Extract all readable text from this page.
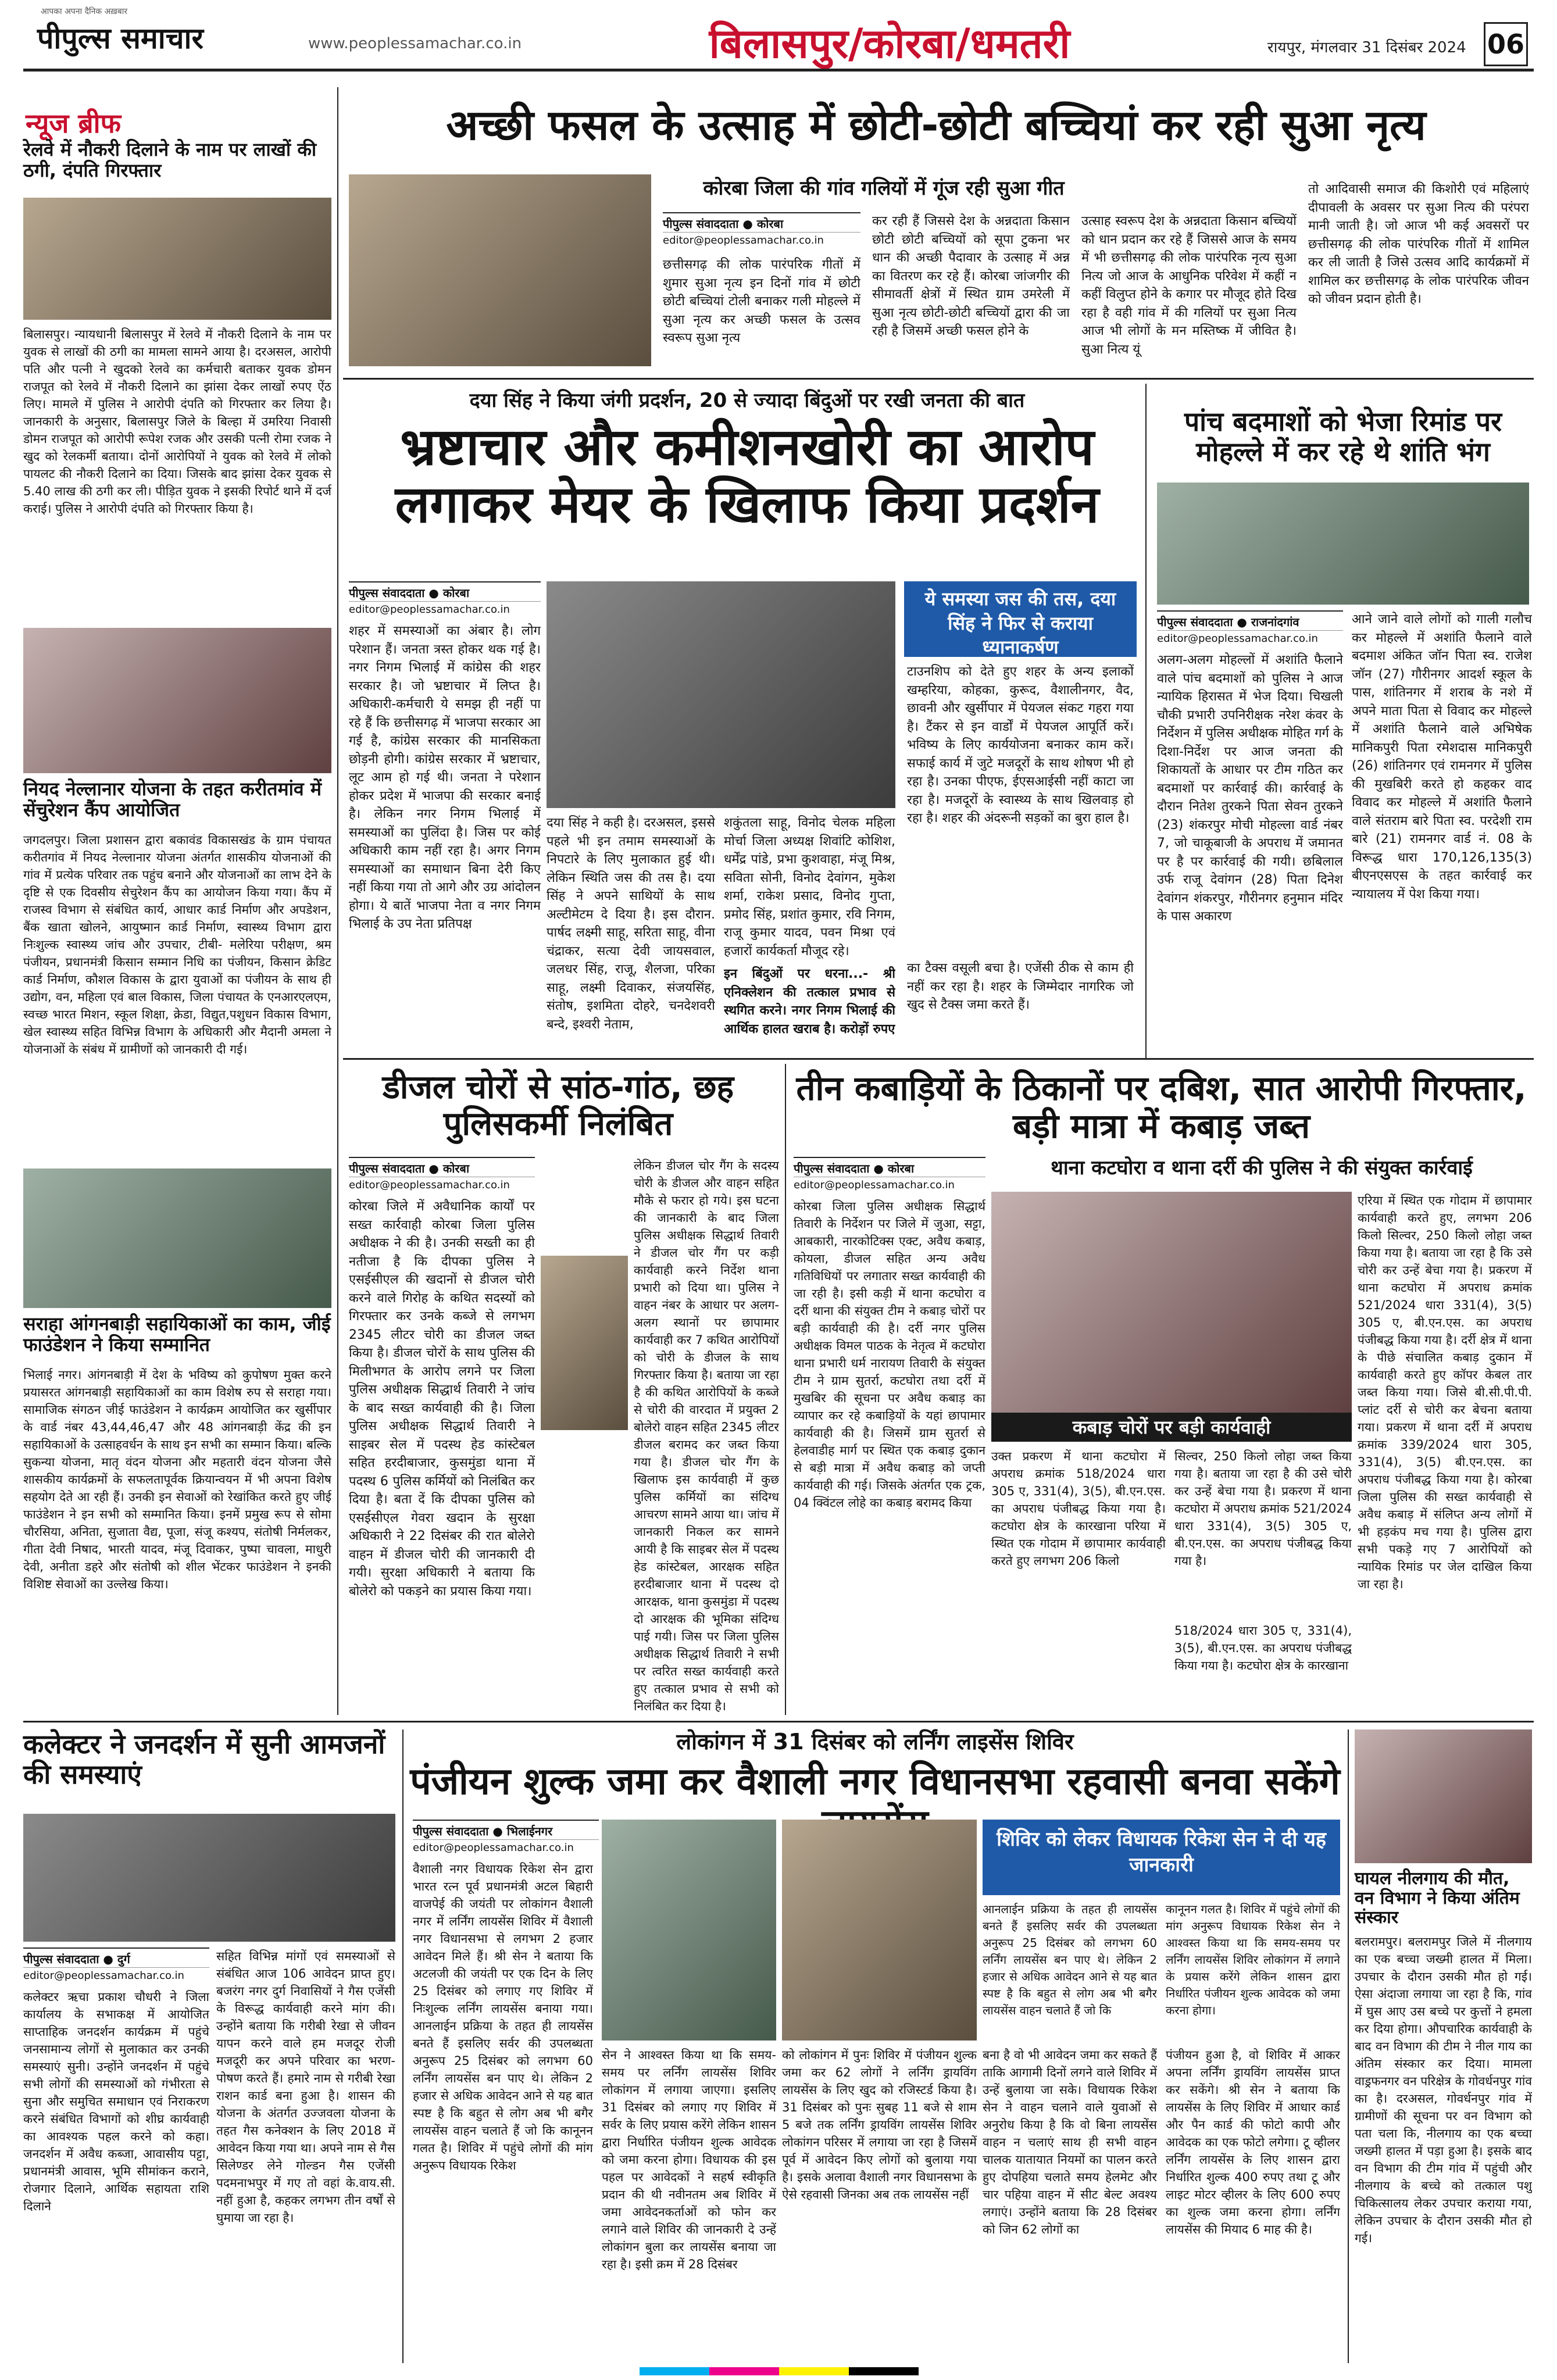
आपका अपना दैनिक अख़बार
पीपुल्स समाचार	www.peoplessamachar.co.in	बिलासपुर/कोरबा/धमतरी	रायपुर, मंगलवार 31 दिसंबर 2024 06
न्यूज ब्रीफ
रेलवे में नौकरी दिलाने के नाम पर लाखों की ठगी, दंपति गिरफ्तार
बिलासपुर। न्यायधानी बिलासपुर में रेलवे में नौकरी दिलाने के नाम पर युवक से लाखों की ठगी का मामला सामने आया है। दरअसल, आरोपी पति और पत्नी ने खुदको रेलवे का कर्मचारी बताकर युवक डोमन राजपूत को रेलवे में नौकरी दिलाने का झांसा देकर लाखों रुपए ऐंठ लिए। मामले में पुलिस ने आरोपी दंपति को गिरफ्तार कर लिया है। जानकारी के अनुसार, बिलासपुर जिले के बिल्हा में उमरिया निवासी डोमन राजपूत को आरोपी रूपेश रजक और उसकी पत्नी रोमा रजक ने खुद को रेलकर्मी बताया। दोनों आरोपियों ने युवक को रेलवे में लोको पायलट की नौकरी दिलाने का दिया। जिसके बाद झांसा देकर युवक से 5.40 लाख की ठगी कर ली। पीड़ित युवक ने इसकी रिपोर्ट थाने में दर्ज कराई। पुलिस ने आरोपी दंपति को गिरफ्तार किया है।
नियद नेल्लानार योजना के तहत करीतमांव में सेंचुरेशन कैंप आयोजित
जगदलपुर। जिला प्रशासन द्वारा बकावंड विकासखंड के ग्राम पंचायत करीतगांव में नियद नेल्लानार योजना अंतर्गत शासकीय योजनाओं की गांव में प्रत्येक परिवार तक पहुंच बनाने और योजनाओं का लाभ देने के दृष्टि से एक दिवसीय सेचुरेशन कैंप का आयोजन किया गया। कैंप में राजस्व विभाग से संबंधित कार्य, आधार कार्ड निर्माण और अपडेशन, बैंक खाता खोलने, आयुष्मान कार्ड निर्माण, स्वास्थ्य विभाग द्वारा निःशुल्क स्वास्थ्य जांच और उपचार, टीबी- मलेरिया परीक्षण, श्रम पंजीयन, प्रधानमंत्री किसान सम्मान निधि का पंजीयन, किसान क्रेडिट कार्ड निर्माण, कौशल विकास के द्वारा युवाओं का पंजीयन के साथ ही उद्योग, वन, महिला एवं बाल विकास, जिला पंचायत के एनआरएलएम, स्वच्छ भारत मिशन, स्कूल शिक्षा, क्रेडा, विद्युत,पशुधन विकास विभाग, खेल स्वास्थ्य सहित विभिन्न विभाग के अधिकारी और मैदानी अमला ने योजनाओं के संबंध में ग्रामीणों को जानकारी दी गई।
सराहा आंगनबाड़ी सहायिकाओं का काम, जीई फाउंडेशन ने किया सम्मानित
भिलाई नगर। आंगनबाड़ी में देश के भविष्य को कुपोषण मुक्त करने प्रयासरत आंगनबाड़ी सहायिकाओं का काम विशेष रुप से सराहा गया। सामाजिक संगठन जीई फाउंडेशन ने कार्यक्रम आयोजित कर खुर्सीपार के वार्ड नंबर 43,44,46,47 और 48 आंगनबाड़ी केंद्र की इन सहायिकाओं के उत्साहवर्धन के साथ इन सभी का सम्मान किया। बल्कि सुकन्या योजना, मातृ वंदन योजना और महतारी वंदन योजना जैसे शासकीय कार्यक्रमों के सफलतापूर्वक क्रियान्वयन में भी अपना विशेष सहयोग देते आ रही हैं। उनकी इन सेवाओं को रेखांकित करते हुए जीई फाउंडेशन ने इन सभी को सम्मानित किया। इनमें प्रमुख रूप से सोमा चौरसिया, अनिता, सुजाता वैद्य, पूजा, संजू कश्यप, संतोषी निर्मलकर, गीता देवी निषाद, भारती यादव, मंजू दिवाकर, पुष्पा चावला, माधुरी देवी, अनीता डहरे और संतोषी को शील भेंटकर फाउंडेशन ने इनकी विशिष्ट सेवाओं का उल्लेख किया।
अच्छी फसल के उत्साह में छोटी-छोटी बच्चियां कर रही सुआ नृत्य
कोरबा जिला की गांव गलियों में गूंज रही सुआ गीत
पीपुल्स संवाददाता ● कोरबा
editor@peoplessamachar.co.in
छत्तीसगढ़ की लोक पारंपरिक गीतों में शुमार सुआ नृत्य इन दिनों गांव में छोटी छोटी बच्चियां टोली बनाकर गली मोहल्ले में सुआ नृत्य कर अच्छी फसल के उत्सव स्वरूप सुआ नृत्य
कर रही हैं जिससे देश के अन्नदाता किसान छोटी छोटी बच्चियों को सूपा टुकना भर धान की अच्छी पैदावार के उत्साह में अन्न का वितरण कर रहे हैं। कोरबा जांजगीर की सीमावर्ती क्षेत्रों में स्थित ग्राम उमरेली में सुआ नृत्य छोटी-छोटी बच्चियों द्वारा की जा रही है जिसमें अच्छी फसल होने के
उत्साह स्वरूप देश के अन्नदाता किसान बच्चियों को धान प्रदान कर रहे हैं जिससे आज के समय में भी छत्तीसगढ़ की लोक पारंपरिक नृत्य सुआ नित्य जो आज के आधुनिक परिवेश में कहीं न कहीं विलुप्त होने के कगार पर मौजूद होते दिख रहा है वही गांव में की गलियों पर सुआ नित्य आज भी लोगों के मन मस्तिष्क में जीवित है। सुआ नित्य यूं
तो आदिवासी समाज की किशोरी एवं महिलाएं दीपावली के अवसर पर सुआ नित्य की परंपरा मानी जाती है। जो आज भी कई अवसरों पर छत्तीसगढ़ की लोक पारंपरिक गीतों में शामिल कर ली जाती है जिसे उत्सव आदि कार्यक्रमों में शामिल कर छत्तीसगढ़ के लोक पारंपरिक जीवन को जीवन प्रदान होती है।
दया सिंह ने किया जंगी प्रदर्शन, 20 से ज्यादा बिंदुओं पर रखी जनता की बात
भ्रष्टाचार और कमीशनखोरी का आरोप लगाकर मेयर के खिलाफ किया प्रदर्शन
पीपुल्स संवाददाता ● कोरबा
editor@peoplessamachar.co.in
शहर में समस्याओं का अंबार है। लोग परेशान हैं। जनता त्रस्त होकर थक गई है। नगर निगम भिलाई में कांग्रेस की शहर सरकार है। जो भ्रष्टाचार में लिप्त है। अधिकारी-कर्मचारी ये समझ ही नहीं पा रहे हैं कि छत्तीसगढ़ में भाजपा सरकार आ गई है, कांग्रेस सरकार की मानसिकता छोड़नी होगी। कांग्रेस सरकार में भ्रष्टाचार, लूट आम हो गई थी। जनता ने परेशान होकर प्रदेश में भाजपा की सरकार बनाई है। लेकिन नगर निगम भिलाई में समस्याओं का पुलिंदा है। जिस पर कोई अधिकारी काम नहीं रहा है। अगर निगम समस्याओं का समाधान बिना देरी किए नहीं किया गया तो आगे और उग्र आंदोलन होगा। ये बातें भाजपा नेता व नगर निगम भिलाई के उप नेता प्रतिपक्ष
दया सिंह ने कही है। दरअसल, इससे पहले भी इन तमाम समस्याओं के निपटारे के लिए मुलाकात हुई थी। लेकिन स्थिति जस की तस है। दया सिंह ने अपने साथियों के साथ अल्टीमेटम दे दिया है। इस दौरान. पार्षद लक्ष्मी साहू, सरिता साहू, वीना चंद्राकर, सत्या देवी जायसवाल, जलधर सिंह, राजू, शैलजा, परिका साहू, लक्ष्मी दिवाकर, संजयसिंह, संतोष, इशमिता दोहरे, चनदेशवरी बन्दे, इश्वरी नेताम,
शकुंतला साहू, विनोद चेलक महिला मोर्चा जिला अध्यक्ष शिवांटि कोशिश, धर्मेंद्र पांडे, प्रभा कुशवाहा, मंजू मिश्र, सविता सोनी, विनोद देवांगन, मुकेश शर्मा, राकेश प्रसाद, विनोद गुप्ता, प्रमोद सिंह, प्रशांत कुमार, रवि निगम, राजू कुमार यादव, पवन मिश्रा एवं हजारों कार्यकर्ता मौजूद रहे।
इन बिंदुओं पर धरना...- श्री एनिक्लेशन की तत्काल प्रभाव से स्थगित करने। नगर निगम भिलाई की आर्थिक हालत खराब है। करोड़ों रुपए
ये समस्या जस की तस, दया सिंह ने फिर से कराया ध्यानाकर्षण
टाउनशिप को देते हुए शहर के अन्य इलाकों खम्हरिया, कोहका, कुरूद, वैशालीनगर, वैद, छावनी और खुर्सीपार में पेयजल संकट गहरा गया है। टैंकर से इन वार्डों में पेयजल आपूर्ति करें। भविष्य के लिए कार्ययोजना बनाकर काम करें। सफाई कार्य में जुटे मजदूरों के साथ शोषण भी हो रहा है। उनका पीएफ, ईएसआईसी नहीं काटा जा रहा है। मजदूरों के स्वास्थ्य के साथ खिलवाड़ हो रहा है। शहर की अंदरूनी सड़कों का बुरा हाल है।
का टैक्स वसूली बचा है। एजेंसी ठीक से काम ही नहीं कर रहा है। शहर के जिम्मेदार नागरिक जो खुद से टैक्स जमा करते हैं।
पांच बदमाशों को भेजा रिमांड पर मोहल्ले में कर रहे थे शांति भंग
पीपुल्स संवाददाता ● राजनांदगांव
editor@peoplessamachar.co.in
अलग-अलग मोहल्लों में अशांति फैलाने वाले पांच बदमाशों को पुलिस ने आज न्यायिक हिरासत में भेज दिया। चिखली चौकी प्रभारी उपनिरीक्षक नरेश कंवर के निर्देशन में पुलिस अधीक्षक मोहित गर्ग के दिशा-निर्देश पर आज जनता की शिकायतों के आधार पर टीम गठित कर बदमाशों पर कार्रवाई की। कार्रवाई के दौरान नितेश तुरकने पिता सेवन तुरकने (23) शंकरपुर मोची मोहल्ला वार्ड नंबर 7, जो चाकूबाजी के अपराध में जमानत पर है पर कार्रवाई की गयी। छबिलाल उर्फ राजू देवांगन (28) पिता दिनेश देवांगन शंकरपुर, गौरीनगर हनुमान मंदिर के पास अकारण
आने जाने वाले लोगों को गाली गलौच कर मोहल्ले में अशांति फैलाने वाले बदमाश अंकित जॉन पिता स्व. राजेश जॉन (27) गौरीनगर आदर्श स्कूल के पास, शांतिनगर में शराब के नशे में अपने माता पिता से विवाद कर मोहल्ले में अशांति फैलाने वाले अभिषेक मानिकपुरी पिता रमेशदास मानिकपुरी (26) शांतिनगर एवं रामनगर में पुलिस की मुखबिरी करते हो कहकर वाद विवाद कर मोहल्ले में अशांति फैलाने वाले संतराम बारे पिता स्व. परदेशी राम बारे (21) रामनगर वार्ड नं. 08 के विरूद्ध धारा 170,126,135(3) बीएनएसएस के तहत कार्रवाई कर न्यायालय में पेश किया गया।
डीजल चोरों से सांठ-गांठ, छह पुलिसकर्मी निलंबित
पीपुल्स संवाददाता ● कोरबा
editor@peoplessamachar.co.in
कोरबा जिले में अवैधानिक कार्यों पर सख्त कार्रवाही कोरबा जिला पुलिस अधीक्षक ने की है। उनकी सख्ती का ही नतीजा है कि दीपका पुलिस ने एसईसीएल की खदानों से डीजल चोरी करने वाले गिरोह के कथित सदस्यों को गिरफ्तार कर उनके कब्जे से लगभग 2345 लीटर चोरी का डीजल जब्त किया है। डीजल चोरों के साथ पुलिस की मिलीभगत के आरोप लगने पर जिला पुलिस अधीक्षक सिद्धार्थ तिवारी ने जांच के बाद सख्त कार्यवाही की है। जिला पुलिस अधीक्षक सिद्धार्थ तिवारी ने साइबर सेल में पदस्थ हेड कांस्टेबल सहित हरदीबाजार, कुसमुंडा थाना में पदस्थ 6 पुलिस कर्मियों को निलंबित कर दिया है। बता दें कि दीपका पुलिस को एसईसीएल गेवरा खदान के सुरक्षा अधिकारी ने 22 दिसंबर की रात बोलेरो वाहन में डीजल चोरी की जानकारी दी गयी। सुरक्षा अधिकारी ने बताया कि बोलेरो को पकड़ने का प्रयास किया गया।
लेकिन डीजल चोर गैंग के सदस्य चोरी के डीजल और वाहन सहित मौके से फरार हो गये। इस घटना की जानकारी के बाद जिला पुलिस अधीक्षक सिद्धार्थ तिवारी ने डीजल चोर गैंग पर कड़ी कार्यवाही करने निर्देश थाना प्रभारी को दिया था। पुलिस ने वाहन नंबर के आधार पर अलग-अलग स्थानों पर छापामार कार्यवाही कर 7 कथित आरोपियों को चोरी के डीजल के साथ गिरफ्तार किया है। बताया जा रहा है की कथित आरोपियों के कब्जे से चोरी की वारदात में प्रयुक्त 2 बोलेरो वाहन सहित 2345 लीटर डीजल बरामद कर जब्त किया गया है। डीजल चोर गैंग के खिलाफ इस कार्यवाही में कुछ पुलिस कर्मियों का संदिग्ध आचरण सामने आया था। जांच में जानकारी निकल कर सामने आयी है कि साइबर सेल में पदस्थ हेड कांस्टेबल, आरक्षक सहित हरदीबाजार थाना में पदस्थ दो आरक्षक, थाना कुसमुंडा में पदस्थ दो आरक्षक की भूमिका संदिग्ध पाई गयी। जिस पर जिला पुलिस अधीक्षक सिद्धार्थ तिवारी ने सभी पर त्वरित सख्त कार्यवाही करते हुए तत्काल प्रभाव से सभी को निलंबित कर दिया है।
तीन कबाड़ियों के ठिकानों पर दबिश, सात आरोपी गिरफ्तार, बड़ी मात्रा में कबाड़ जब्त
पीपुल्स संवाददाता ● कोरबा
editor@peoplessamachar.co.in
थाना कटघोरा व थाना दर्री की पुलिस ने की संयुक्त कार्रवाई
कोरबा जिला पुलिस अधीक्षक सिद्धार्थ तिवारी के निर्देशन पर जिले में जुआ, सट्टा, आबकारी, नारकोटिक्स एक्ट, अवैध कबाड़, कोयला, डीजल सहित अन्य अवैध गतिविधियों पर लगातार सख्त कार्यवाही की जा रही है। इसी कड़ी में थाना कटघोरा व दर्री थाना की संयुक्त टीम ने कबाड़ चोरों पर बड़ी कार्यवाही की है। दर्री नगर पुलिस अधीक्षक विमल पाठक के नेतृत्व में कटघोरा थाना प्रभारी धर्म नारायण तिवारी के संयुक्त टीम ने ग्राम सुतर्रा, कटघोरा तथा दर्री में मुखबिर की सूचना पर अवैध कबाड़ का व्यापार कर रहे कबाड़ियों के यहां छापामार कार्यवाही की है। जिसमें ग्राम सुतर्रा से हेलवाडीह मार्ग पर स्थित एक कबाड़ दुकान से बड़ी मात्रा में अवैध कबाड़ को जप्ती कार्यवाही की गई। जिसके अंतर्गत एक ट्रक, 04 क्विंटल लोहे का कबाड़ बरामद किया
कबाड़ चोरों पर बड़ी कार्यवाही
उक्त प्रकरण में थाना कटघोरा में अपराध क्रमांक 518/2024 धारा 305 ए, 331(4), 3(5), बी.एन.एस. का अपराध पंजीबद्ध किया गया है। कटघोरा क्षेत्र के कारखाना परिया में स्थित एक गोदाम में छापामार कार्यवाही करते हुए लगभग 206 किलो
सिल्वर, 250 किलो लोहा जब्त किया गया है। बताया जा रहा है की उसे चोरी कर उन्हें बेचा गया है। प्रकरण में थाना कटघोरा में अपराध क्रमांक 521/2024 धारा 331(4), 3(5) 305 ए, बी.एन.एस. का अपराध पंजीबद्ध किया गया है।
518/2024 धारा 305 ए, 331(4), 3(5), बी.एन.एस. का अपराध पंजीबद्ध किया गया है। कटघोरा क्षेत्र के कारखाना
एरिया में स्थित एक गोदाम में छापामार कार्यवाही करते हुए, लगभग 206 किलो सिल्वर, 250 किलो लोहा जब्त किया गया है। बताया जा रहा है कि उसे चोरी कर उन्हें बेचा गया है। प्रकरण में थाना कटघोरा में अपराध क्रमांक 521/2024 धारा 331(4), 3(5) 305 ए, बी.एन.एस. का अपराध पंजीबद्ध किया गया है। दर्री क्षेत्र में थाना के पीछे संचालित कबाड़ दुकान में कार्यवाही करते हुए कॉपर केबल तार जब्त किया गया। जिसे बी.सी.पी.पी. प्लांट दर्री से चोरी कर बेचना बताया गया। प्रकरण में थाना दर्री में अपराध क्रमांक 339/2024 धारा 305, 331(4), 3(5) बी.एन.एस. का अपराध पंजीबद्ध किया गया है। कोरबा जिला पुलिस की सख्त कार्यवाही से अवैध कबाड़ में संलिप्त अन्य लोगों में भी हड़कंप मच गया है। पुलिस द्वारा सभी पकड़े गए 7 आरोपियों को न्यायिक रिमांड पर जेल दाखिल किया जा रहा है।
कलेक्टर ने जनदर्शन में सुनी आमजनों की समस्याएं
पीपुल्स संवाददाता ● दुर्ग
editor@peoplessamachar.co.in
कलेक्टर ऋचा प्रकाश चौधरी ने जिला कार्यालय के सभाकक्ष में आयोजित साप्ताहिक जनदर्शन कार्यक्रम में पहुंचे जनसामान्य लोगों से मुलाकात कर उनकी समस्याएं सुनी। उन्होंने जनदर्शन में पहुंचे सभी लोगों की समस्याओं को गंभीरता से सुना और समुचित समाधान एवं निराकरण करने संबंधित विभागों को शीघ्र कार्यवाही का आवश्यक पहल करने को कहा। जनदर्शन में अवैध कब्जा, आवासीय पट्टा, प्रधानमंत्री आवास, भूमि सीमांकन कराने, रोजगार दिलाने, आर्थिक सहायता राशि दिलाने
सहित विभिन्न मांगों एवं समस्याओं से संबंधित आज 106 आवेदन प्राप्त हुए। बजरंग नगर दुर्ग निवासियों ने गैस एजेंसी के विरूद्ध कार्यवाही करने मांग की। उन्होंने बताया कि गरीबी रेखा से जीवन यापन करने वाले हम मजदूर रोजी मजदूरी कर अपने परिवार का भरण-पोषण करते हैं। हमारे नाम से गरीबी रेखा राशन कार्ड बना हुआ है। शासन की योजना के अंतर्गत उज्जवला योजना के तहत गैस कनेक्शन के लिए 2018 में आवेदन किया गया था। अपने नाम से गैस सिलेण्डर लेने गोल्डन गैस एजेंसी पदमनाभपुर में गए तो वहां के.वाय.सी. नहीं हुआ है, कहकर लगभग तीन वर्षों से घुमाया जा रहा है।
लोकांगन में 31 दिसंबर को लर्निंग लाइसेंस शिविर
पंजीयन शुल्क जमा कर वैशाली नगर विधानसभा रहवासी बनवा सकेंगे
पीपुल्स संवाददाता ● भिलाईनगर
editor@peoplessamachar.co.in
वैशाली नगर विधायक रिकेश सेन द्वारा भारत रत्न पूर्व प्रधानमंत्री अटल बिहारी वाजपेई की जयंती पर लोकांगन वैशाली नगर में लर्निंग लायसेंस शिविर में वैशाली नगर विधानसभा से लगभग 2 हजार आवेदन मिले हैं। श्री सेन ने बताया कि अटलजी की जयंती पर एक दिन के लिए 25 दिसंबर को लगाए गए शिविर में निःशुल्क लर्निंग लायसेंस बनाया गया। आनलाईन प्रक्रिया के तहत ही लायसेंस बनते हैं इसलिए सर्वर की उपलब्धता अनुरूप 25 दिसंबर को लगभग 60 लर्निंग लायसेंस बन पाए थे। लेकिन 2 हजार से अधिक आवेदन आने से यह बात स्पष्ट है कि बहुत से लोग अब भी बगैर लायसेंस वाहन चलाते हैं जो कि कानूनन गलत है। शिविर में पहुंचे लोगों की मांग अनुरूप विधायक रिकेश
सेन ने आश्वस्त किया था कि समय-समय पर लर्निंग लायसेंस शिविर लोकांगन में लगाया जाएगा। इसलिए 31 दिसंबर को लगाए गए शिविर में सर्वर के लिए प्रयास करेंगे लेकिन शासन द्वारा निर्धारित पंजीयन शुल्क आवेदक को जमा करना होगा। विधायक की इस पहल पर आवेदकों ने सहर्ष स्वीकृति प्रदान की थी नवीनतम अब शिविर में जमा आवेदनकर्ताओं को फोन कर लगाने वाले शिविर की जानकारी दे उन्हें लोकांगन बुला कर लायसेंस बनाया जा रहा है। इसी क्रम में 28 दिसंबर
को लोकांगन में पुनः शिविर में पंजीयन शुल्क जमा कर 62 लोगों ने लर्निंग ड्रायविंग लायसेंस के लिए खुद को रजिस्टर्ड किया है। 31 दिसंबर को पुनः सुबह 11 बजे से शाम 5 बजे तक लर्निंग ड्रायविंग लायसेंस शिविर लोकांगन परिसर में लगाया जा रहा है जिसमें पूर्व में आवेदन किए लोगों को बुलाया गया है। इसके अलावा वैशाली नगर विधानसभा के ऐसे रहवासी जिनका अब तक लायसेंस नहीं
शिविर को लेकर विधायक रिकेश सेन ने दी यह जानकारी
आनलाईन प्रक्रिया के तहत ही लायसेंस बनते हैं इसलिए सर्वर की उपलब्धता अनुरूप 25 दिसंबर को लगभग 60 लर्निंग लायसेंस बन पाए थे। लेकिन 2 हजार से अधिक आवेदन आने से यह बात स्पष्ट है कि बहुत से लोग अब भी बगैर लायसेंस वाहन चलाते हैं जो कि
कानूनन गलत है। शिविर में पहुंचे लोगों की मांग अनुरूप विधायक रिकेश सेन ने आश्वस्त किया था कि समय-समय पर लर्निंग लायसेंस शिविर लोकांगन में लगाने के प्रयास करेंगे लेकिन शासन द्वारा निर्धारित पंजीयन शुल्क आवेदक को जमा करना होगा।
बना है वो भी आवेदन जमा कर सकते हैं ताकि आगामी दिनों लगने वाले शिविर में उन्हें बुलाया जा सके। विधायक रिकेश सेन ने वाहन चलाने वाले युवाओं से अनुरोध किया है कि वो बिना लायसेंस वाहन न चलाएं साथ ही सभी वाहन चालक यातायात नियमों का पालन करते हुए दोपहिया चलाते समय हेलमेट और चार पहिया वाहन में सीट बेल्ट अवश्य लगाएं। उन्होंने बताया कि 28 दिसंबर को जिन 62 लोगों का
पंजीयन हुआ है, वो शिविर में आकर अपना लर्निंग ड्रायविंग लायसेंस प्राप्त कर सकेंगे। श्री सेन ने बताया कि लायसेंस के लिए शिविर में आधार कार्ड और पैन कार्ड की फोटो कापी और आवेदक का एक फोटो लगेगा। टू व्हीलर लर्निंग लायसेंस के लिए शासन द्वारा निर्धारित शुल्क 400 रुपए तथा टू और लाइट मोटर व्हीलर के लिए 600 रुपए का शुल्क जमा करना होगा। लर्निंग लायसेंस की मियाद 6 माह की है।
घायल नीलगाय की मौत, वन विभाग ने किया अंतिम संस्कार
बलरामपुर। बलरामपुर जिले में नीलगाय का एक बच्चा जख्मी हालत में मिला। उपचार के दौरान उसकी मौत हो गई। ऐसा अंदाजा लगाया जा रहा है कि, गांव में घुस आए उस बच्चे पर कुत्तों ने हमला कर दिया होगा। औपचारिक कार्यवाही के बाद वन विभाग की टीम ने नील गाय का अंतिम संस्कार कर दिया। मामला वाड्रफनगर वन परिक्षेत्र के गोवर्धनपुर गांव का है। दरअसल, गोवर्धनपुर गांव में ग्रामीणों की सूचना पर वन विभाग को पता चला कि, नीलगाय का एक बच्चा जख्मी हालत में पड़ा हुआ है। इसके बाद वन विभाग की टीम गांव में पहुंची और नीलगाय के बच्चे को तत्काल पशु चिकित्सालय लेकर उपचार कराया गया, लेकिन उपचार के दौरान उसकी मौत हो गई।
